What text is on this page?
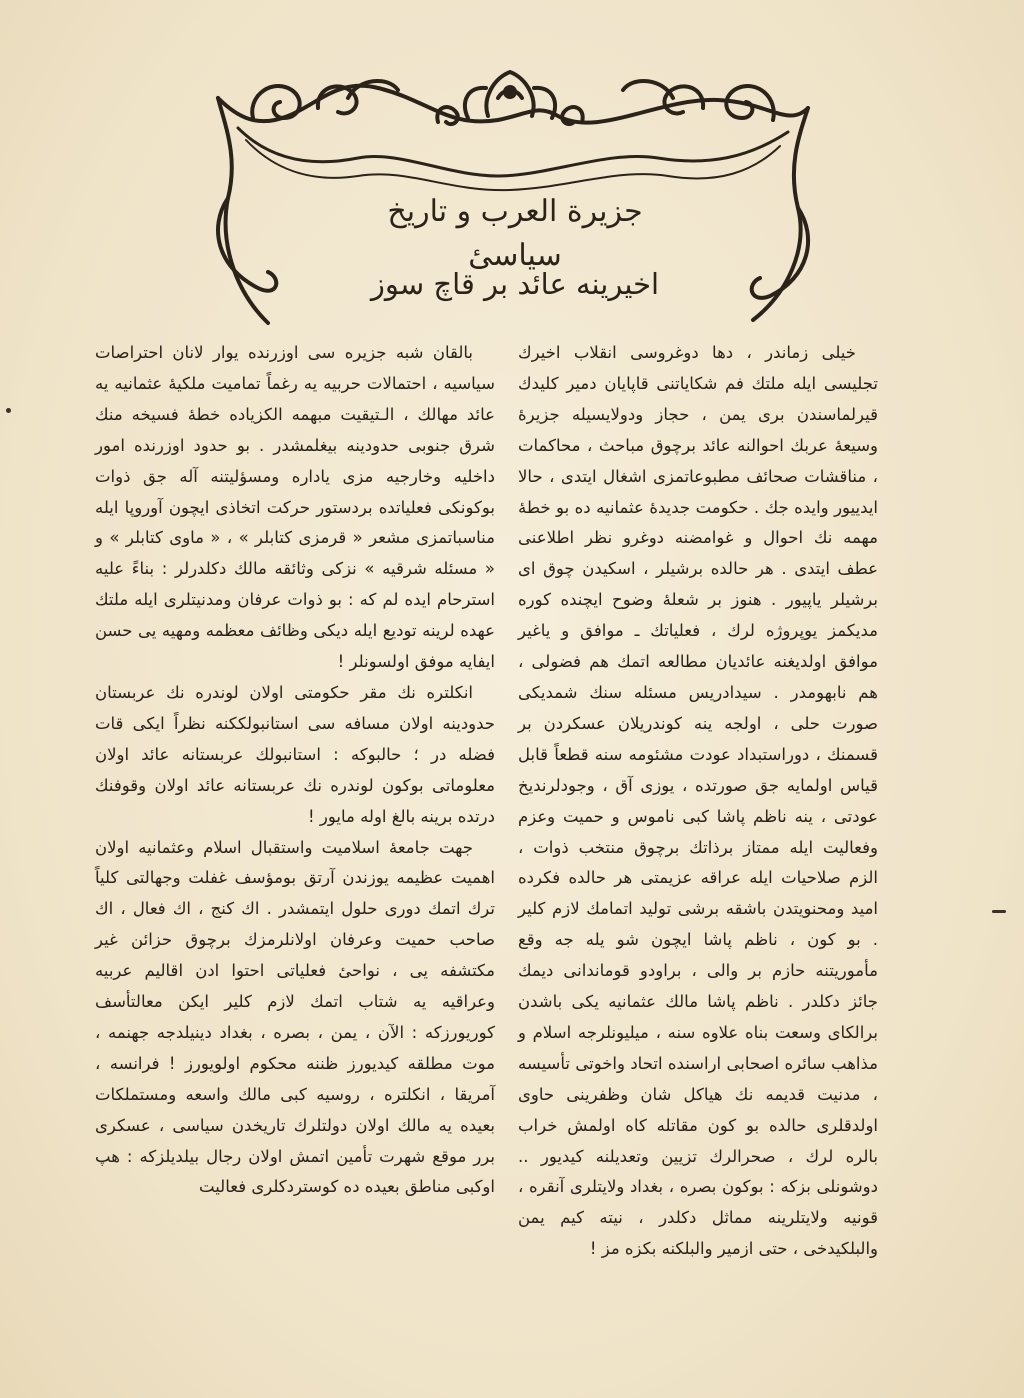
جزيرة العرب و تاريخ سياسیٔ
اخیرینه عائد بر قاچ سوز

خیلی زماندر ، دها دوغروسی انقلاب اخیرك تجلیسی ایله ملتك فم شكایاتنی قاپایان دمیر كلیدك قیرلماسندن بری یمن ، حجاز ودولایسیله جزیرهٔ وسیعهٔ عربك احوالنه عائد برچوق مباحث ، محاكمات ، مناقشات صحائف مطبوعاتمزی اشغال ایتدی ، حالا ایدییور وایده جك . حكومت جدیدهٔ عثمانیه ده بو خطهٔ مهمه نك احوال و غوامضنه دوغرو نظر اطلاعنی عطف ایتدی . هر حالده برشیلر ، اسكیدن چوق ای برشیلر یاپیور . هنوز بر شعلهٔ وضوح ایچنده كوره مدیكمز یوپروژه لرك ، فعلیاتك ـ موافق و یاغیر موافق اولدیغنه عائدیان مطالعه اتمك هم فضولی ، هم نابهومدر . سیدادریس مسئله سنك شمدیكی صورت حلی ، اولجه ینه كوندریلان عسكردن بر قسمنك ، دوراستبداد عودت مشئومه سنه قطعاً قابل قیاس اولمایه جق صورتده ، یوزی آق ، وجودلرندیخ عودتی ، ینه ناظم پاشا كبی ناموس و حمیت وعزم وفعالیت ایله ممتاز برذاتك برچوق منتخب ذوات ، الزم صلاحیات ایله عراقه عزیمتی هر حالده فكرده امید ومحنویتدن باشقه برشی تولید اتمامك لازم كلیر . بو كون ، ناظم پاشا ایچون شو یله جه وقع مأموریتنه حازم بر والی ، براودو قوماندانی دیمك جائز دكلدر . ناظم پاشا مالك عثمانیه یكی باشدن برالكای وسعت بناه علاوه سنه ، میلیونلرجه اسلام و مذاهب سائره اصحابی اراسنده اتحاد واخوتی تأسیسه ، مدنیت قدیمه نك هیاكل شان وظفرینی حاوی اولدقلری حالده بو كون مقاتله كاه اولمش خراب بالره لرك ، صحرالرك تزیین وتعدیلنه كیدیور .. دوشونلی بزكه : بوكون بصره ، بغداد ولایتلری آنقره ، قونیه ولایتلرینه مماثل دكلدر ، نیته كیم یمن والبلكیدخی ، حتی ازمیر والبلكنه بكزه مز !

بالقان شبه جزیره سی اوزرنده یوار لانان احتراصات سیاسیه ، احتمالات حربیه یه رغماً تمامیت ملكیهٔ عثمانیه یه عائد مهالك ، الـتیقیت مبهمه الكزیاده خطهٔ فسیخه منك شرق جنوبی حدودینه بیغلمشدر . بو حدود اوزرنده امور داخلیه وخارجیه مزی یاداره ومسؤلیتنه آله جق ذوات بوكونكی فعلیاتده بردستور حركت اتخاذی ایچون آوروپا ایله مناسباتمزی مشعر « قرمزی كتابلر » ، « ماوی كتابلر » و « مسئله شرقیه » نزكی وثائقه مالك دكلدرلر : بناءً علیه استرحام ایده لم كه : بو ذوات عرفان ومدنیتلری ایله ملتك عهده لرینه توديع ایله دیكی وظائف معظمه ومهیه یی حسن ایفایه موفق اولسونلر !

انكلتره نك مقر حكومتی اولان لوندره نك عربستان حدودینه اولان مسافه سی استانبولككنه نظراً ایكی قات فضله در ؛ حالبوكه : استانبولك عربستانه عائد اولان معلوماتی بوكون لوندره نك عربستانه عائد اولان وقوفنك درتده برینه بالغ اوله مایور !

جهت جامعهٔ اسلامیت واستقبال اسلام وعثمانیه اولان اهمیت عظیمه یوزندن آرتق بومؤسف غفلت وجهالتی كلیاً ترك اتمك دوری حلول ایتمشدر . اك كنج ، اك فعال ، اك صاحب حمیت وعرفان اولانلرمزك برچوق حزائن غیر مكتشفه یی ، نواحیٔ فعلیاتی احتوا ادن اقالیم عربیه وعراقیه یه شتاب اتمك لازم كلیر ایكن معالتأسف كوریورزكه : الآن ، یمن ، بصره ، بغداد دینیلدجه جهنمه ، موت مطلقه كیدیورز ظننه محكوم اولویورز ! فرانسه ، آمریقا ، انكلتره ، روسیه كبی مالك واسعه ومستملكات بعیده یه مالك اولان دولتلرك تاریخدن سیاسی ، عسكری برر موقع شهرت تأمین اتمش اولان رجال بیلدیلزكه : هپ اوكبی مناطق بعیده ده كوستردكلری فعالیت
